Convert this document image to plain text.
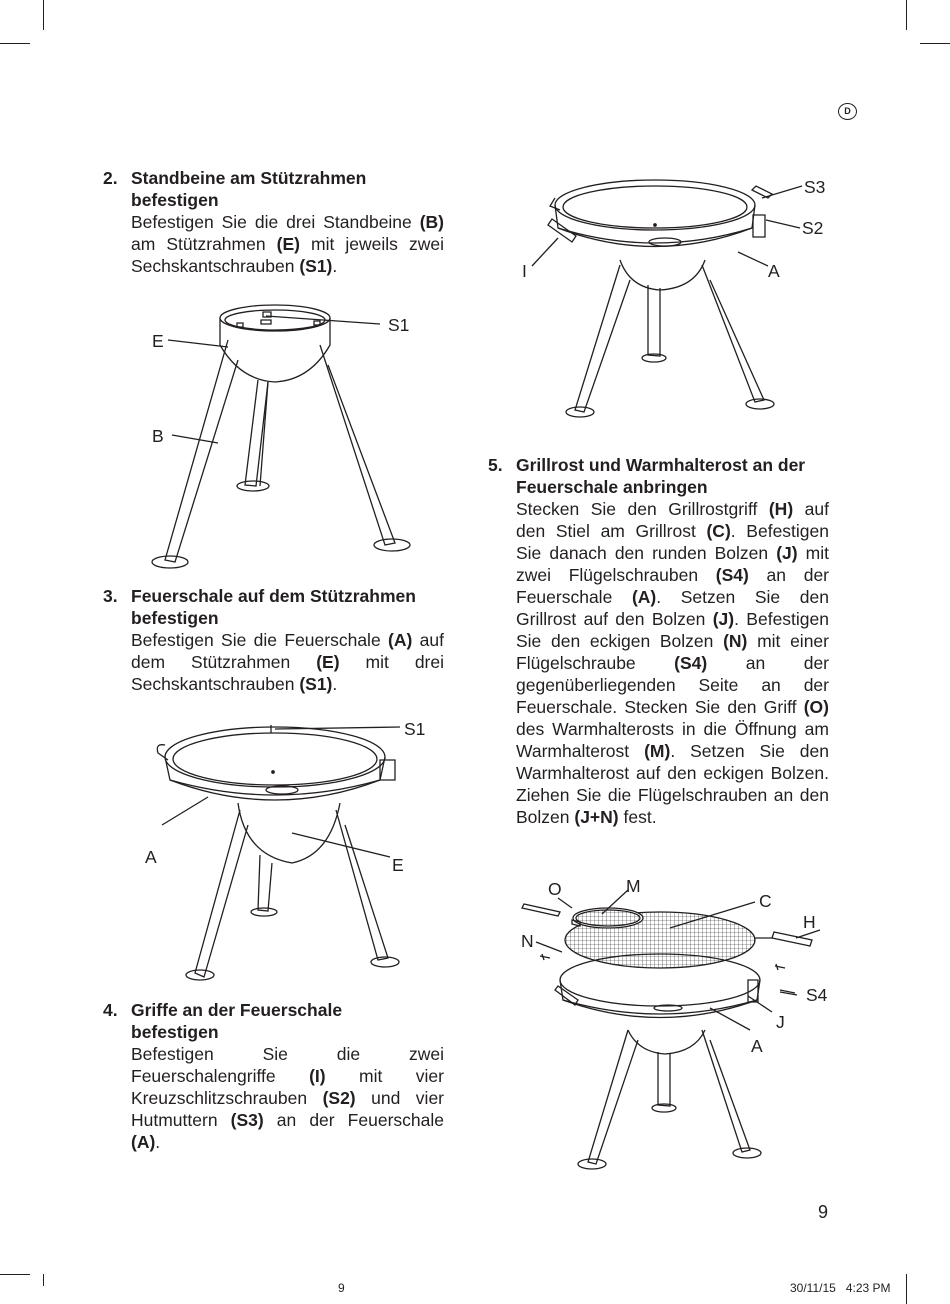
D
2. Standbeine am Stützrahmen
befestigen
Befestigen Sie die drei Standbeine (B) am Stützrahmen (E) mit jeweils zwei Sechskantschrauben (S1).
3. Feuerschale auf dem Stützrahmen
befestigen
Befestigen Sie die Feuerschale (A) auf dem Stützrahmen (E) mit drei Sechskantschrauben (S1).
4. Griffe an der Feuerschale
befestigen
Befestigen Sie die zwei Feuerschalengriffe (I) mit vier Kreuzschlitzschrauben (S2) und vier Hutmuttern (S3) an der Feuerschale (A).
5. Grillrost und Warmhalterost an der
Feuerschale anbringen
Stecken Sie den Grillrostgriff (H) auf den Stiel am Grillrost (C). Befestigen Sie danach den runden Bolzen (J) mit zwei Flügelschrauben (S4) an der Feuerschale (A). Setzen Sie den Grillrost auf den Bolzen (J). Befestigen Sie den eckigen Bolzen (N) mit einer Flügelschraube (S4) an der gegenüberliegenden Seite an der Feuerschale. Stecken Sie den Griff (O) des Warmhalterosts in die Öffnung am Warmhalterost (M). Setzen Sie den Warmhalterost auf den eckigen Bolzen. Ziehen Sie die Flügelschrauben an den Bolzen (J+N) fest.
E
S1
B
S1
A	E
S3
S2
I	A
O	M
C
H
N
S4
J
A
9
9	30/11/15   4:23 PM
